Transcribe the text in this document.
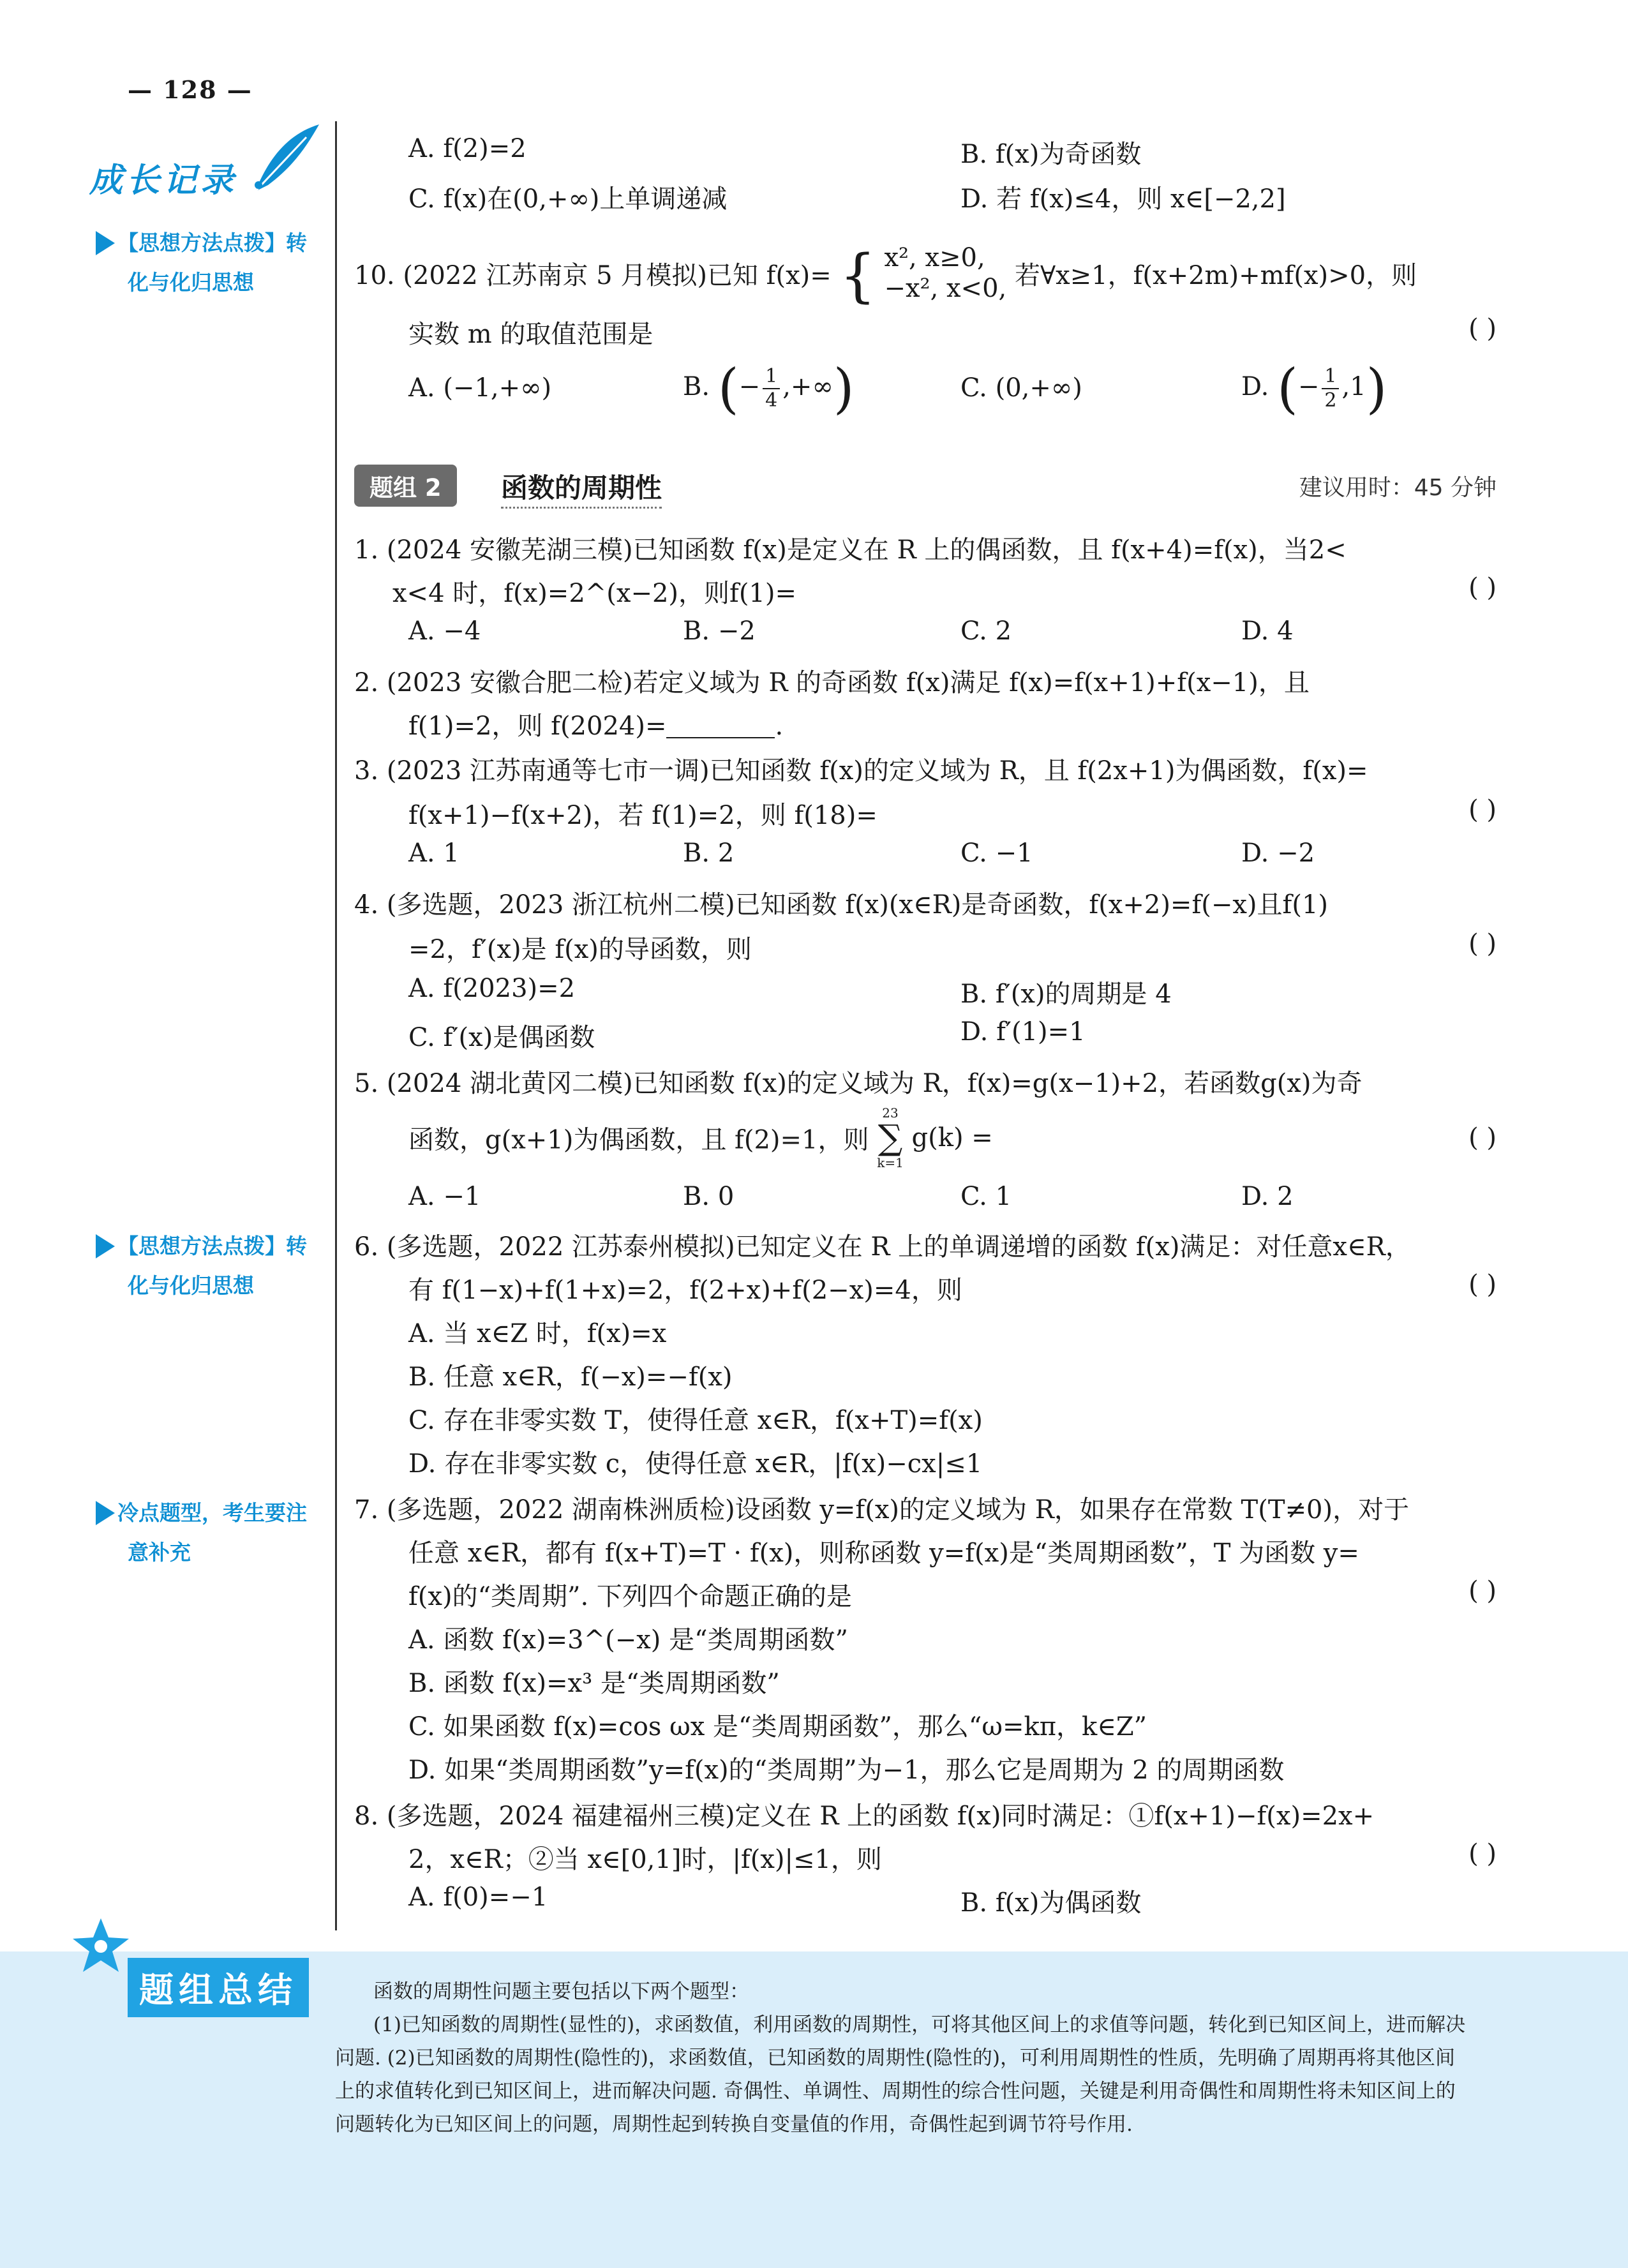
— 128 —
成长记录
【思想方法点拨】转
化与化归思想
【思想方法点拨】转
化与化归思想
冷点题型，考生要注
意补充
A. f(2)=2	B. f(x)为奇函数
C. f(x)在(0,+∞)上单调递减	D. 若 f(x)≤4，则 x∈[−2,2]
10. (2022 江苏南京 5 月模拟)已知 f(x)= { x², x≥0,
−x², x<0, 若∀x≥1，f(x+2m)+mf(x)>0，则
实数 m 的取值范围是	( )
A. (−1,+∞)	B. (− $\frac{1}{4}$ ,+∞)	C. (0,+∞)	D. (− $\frac{1}{2} ,1$)
题组 2	函数的周期性	建议用时：45 分钟
1. (2024 安徽芜湖三模)已知函数 f(x)是定义在 R 上的偶函数，且 f(x+4)=f(x)，当2<
x<4 时，f(x)=2^(x−2)，则f(1)=	( )
A. −4	B. −2	C. 2	D. 4
2. (2023 安徽合肥二检)若定义域为 R 的奇函数 f(x)满足 f(x)=f(x+1)+f(x−1)，且
f(1)=2，则 f(2024)=	.
3. (2023 江苏南通等七市一调)已知函数 f(x)的定义域为 R，且 f(2x+1)为偶函数，f(x)=
f(x+1)−f(x+2)，若 f(1)=2，则 f(18)=	( )
A. 1	B. 2	C. −1	D. −2
4. (多选题，2023 浙江杭州二模)已知函数 f(x)(x∈R)是奇函数，f(x+2)=f(−x)且f(1)
=2，f′(x)是 f(x)的导函数，则	( )
A. f(2023)=2	B. f′(x)的周期是 4
C. f′(x)是偶函数	D. f′(1)=1
5. (2024 湖北黄冈二模)已知函数 f(x)的定义域为 R，f(x)=g(x−1)+2，若函数g(x)为奇
函数，g(x+1)为偶函数，且 f(2)=1，则
23
∑
k=1
g(k) =	( )
A. −1	B. 0	C. 1	D. 2
6. (多选题，2022 江苏泰州模拟)已知定义在 R 上的单调递增的函数 f(x)满足：对任意x∈R，
有 f(1−x)+f(1+x)=2，f(2+x)+f(2−x)=4，则	( )
A. 当 x∈Z 时，f(x)=x
B. 任意 x∈R，f(−x)=−f(x)
C. 存在非零实数 T，使得任意 x∈R，f(x+T)=f(x)
D. 存在非零实数 c，使得任意 x∈R，|f(x)−cx|≤1
7. (多选题，2022 湖南株洲质检)设函数 y=f(x)的定义域为 R，如果存在常数 T(T≠0)，对于
任意 x∈R，都有 f(x+T)=T · f(x)，则称函数 y=f(x)是“类周期函数”，T 为函数 y=
f(x)的“类周期”. 下列四个命题正确的是	( )
A. 函数 f(x)=3^(−x) 是“类周期函数”
B. 函数 f(x)=x³ 是“类周期函数”
C. 如果函数 f(x)=cos ωx 是“类周期函数”，那么“ω=kπ，k∈Z”
D. 如果“类周期函数”y=f(x)的“类周期”为−1，那么它是周期为 2 的周期函数
8. (多选题，2024 福建福州三模)定义在 R 上的函数 f(x)同时满足：①f(x+1)−f(x)=2x+
2，x∈R；②当 x∈[0,1]时，|f(x)|≤1，则	( )
A. f(0)=−1	B. f(x)为偶函数
题组总结	函数的周期性问题主要包括以下两个题型：

(1)已知函数的周期性(显性的)，求函数值，利用函数的周期性，可将其他区间上的求值等问题，转化到已知区间上，进而解决问题. (2)已知函数的周期性(隐性的)，求函数值，已知函数的周期性(隐性的)，可利用周期性的性质，先明确了周期再将其他区间上的求值转化到已知区间上，进而解决问题. 奇偶性、单调性、周期性的综合性问题，关键是利用奇偶性和周期性将未知区间上的问题转化为已知区间上的问题，周期性起到转换自变量值的作用，奇偶性起到调节符号作用.
